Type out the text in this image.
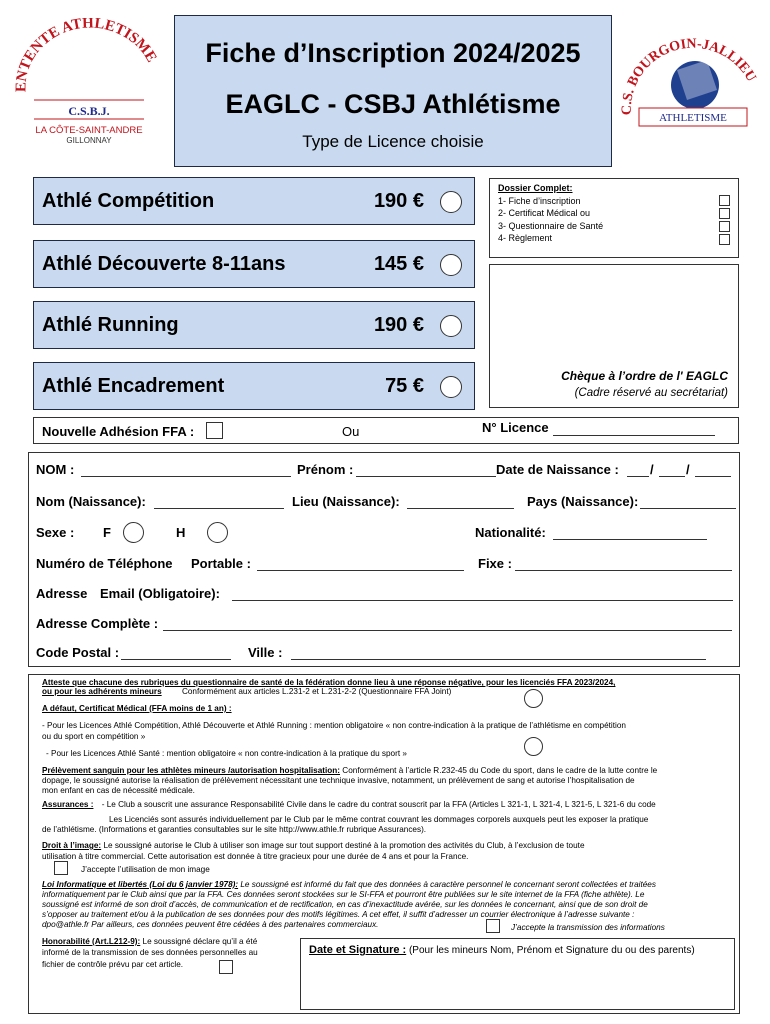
ENTENTE ATHLETISME
C.S.B.J.
LA CÔTE-SAINT-ANDRE
GILLONNAY
Fiche d’Inscription 2024/2025
EAGLC - CSBJ Athlétisme
Type de Licence choisie
C.S. BOURGOIN-JALLIEU
ATHLETISME
Athlé Compétition	190 €
Athlé Découverte 8-11ans	145 €
Athlé Running	190 €
Athlé Encadrement	75 €
Dossier Complet:
1- Fiche d’inscription
2- Certificat Médical ou
3- Questionnaire de Santé
4- Règlement
Chèque à l’ordre de l' EAGLC
(Cadre réservé au secrétariat)
Nouvelle Adhésion FFA :	Ou	N° Licence
NOM :	Prénom :	Date de Naissance : / /
Nom (Naissance):	Lieu (Naissance):	Pays (Naissance):
Sexe : F	H	Nationalité:
Numéro de Téléphone Portable :	Fixe :
Adresse Email (Obligatoire):
Adresse Complète :
Code Postal :	Ville :
Atteste que chacune des rubriques du questionnaire de santé de la fédération donne lieu à une réponse négative, pour les licenciés FFA 2023/2024,
ou pour les adhérents mineurs Conformément aux articles L.231-2 et L.231-2-2 (Questionnaire FFA Joint)
A défaut, Certificat Médical (FFA moins de 1 an) :
- Pour les Licences Athlé Compétition, Athlé Découverte et Athlé Running : mention obligatoire « non contre-indication à la pratique de l’athlétisme en compétition
ou du sport en compétition »
- Pour les Licences Athlé Santé : mention obligatoire « non contre-indication à la pratique du sport »
Prélèvement sanguin pour les athlètes mineurs /autorisation hospitalisation: Conformément à l’article R.232-45 du Code du sport, dans le cadre de la lutte contre le
dopage, le soussigné autorise la réalisation de prélèvement nécessitant une technique invasive, notamment, un prélèvement de sang et autorise l’hospitalisation de
mon enfant en cas de nécessité médicale.
Assurances : - Le Club a souscrit une assurance Responsabilité Civile dans le cadre du contrat souscrit par la FFA (Articles L 321-1, L 321-4, L 321-5, L 321-6 du code
Les Licenciés sont assurés individuellement par le Club par le même contrat couvrant les dommages corporels auxquels peut les exposer la pratique
de l’athlétisme. (Informations et garanties consultables sur le site http://www.athle.fr rubrique Assurances).
Droit à l’image: Le soussigné autorise le Club à utiliser son image sur tout support destiné à la promotion des activités du Club, à l’exclusion de toute
utilisation à titre commercial. Cette autorisation est donnée à titre gracieux pour une durée de 4 ans et pour la France.
J’accepte l’utilisation de mon image
Loi Informatique et libertés (Loi du 6 janvier 1978): Le soussigné est informé du fait que des données à caractère personnel le concernant seront collectées et traitées
informatiquement par le Club ainsi que par la FFA. Ces données seront stockées sur le SI-FFA et pourront être publiées sur le site internet de la FFA (fiche athlète). Le
soussigné est informé de son droit d’accès, de communication et de rectification, en cas d’inexactitude avérée, sur les données le concernant, ainsi que de son droit de
s’opposer au traitement et/ou à la publication de ses données pour des motifs légitimes. A cet effet, il suffit d’adresser un courrier électronique à l’adresse suivante :
dpo@athle.fr Par ailleurs, ces données peuvent être cédées à des partenaires commerciaux.	J’accepte la transmission des informations
Honorabilité (Art.L212-9): Le soussigné déclare qu’il a été
informé de la transmission de ses données personnelles au
fichier de contrôle prévu par cet article.
Date et Signature : (Pour les mineurs Nom, Prénom et Signature du ou des parents)
